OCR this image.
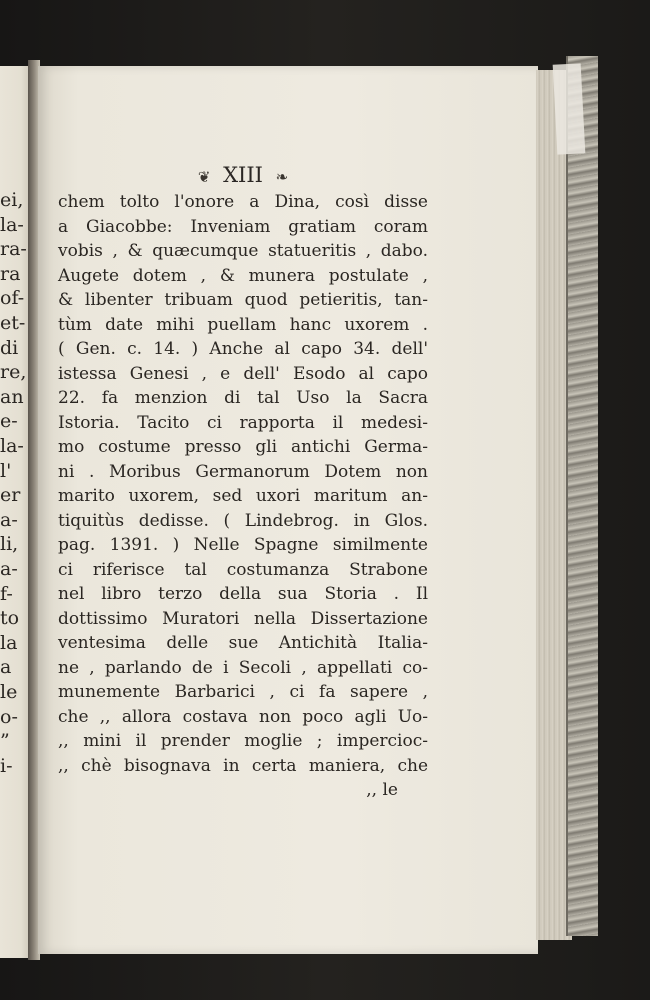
ei,
la-
ra-
ra
of-
et-
di
re,
an
e-
la-
l'
er
a-
li,
a-
f-
to
la
a
le
o-
”
i-
❦ XIII ❧
chem tolto l'onore a Dina, così disse
a Giacobbe: Inveniam gratiam coram
vobis , & quæcumque statueritis , dabo.
Augete dotem , & munera postulate ,
& libenter tribuam quod petieritis, tan-
tùm date mihi puellam hanc uxorem .
( Gen. c. 14. ) Anche al capo 34. dell'
istessa Genesi , e dell' Esodo al capo
22. fa menzion di tal Uso la Sacra
Istoria. Tacito ci rapporta il medesi-
mo costume presso gli antichi Germa-
ni . Moribus Germanorum Dotem non
marito uxorem, sed uxori maritum an-
tiquitùs dedisse. ( Lindebrog. in Glos.
pag. 1391. ) Nelle Spagne similmente
ci riferisce tal costumanza Strabone
nel libro terzo della sua Storia . Il
dottissimo Muratori nella Dissertazione
ventesima delle sue Antichità Italia-
ne , parlando de i Secoli , appellati co-
munemente Barbarici , ci fa sapere ,
che ,, allora costava non poco agli Uo-
,, mini il prender moglie ; impercioc-
,, chè bisognava in certa maniera, che
,, le
